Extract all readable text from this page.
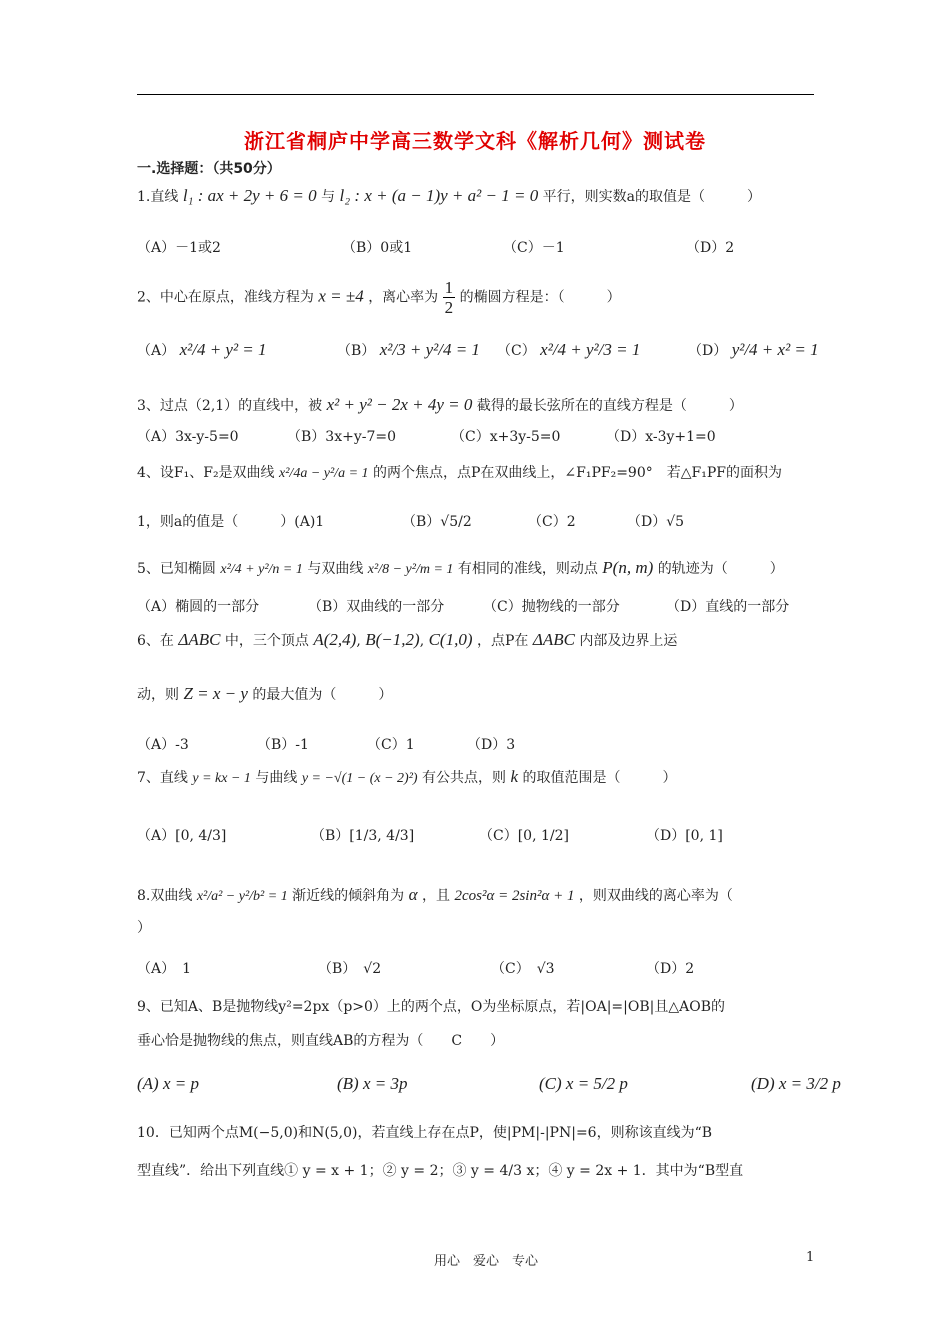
浙江省桐庐中学高三数学文科《解析几何》测试卷
一.选择题：（共50分）
1.直线 l₁ : ax + 2y + 6 = 0 与 l₂ : x + (a − 1)y + a² − 1 = 0 平行，则实数a的取值是（　　　）
（A）－1或2	（B）0或1	（C）－1	（D）2
2、中心在原点，准线方程为 x = ±4 ，离心率为 $\frac{1}{2}$ 的椭圆方程是：（　　　）
（A） x²/4 + y² = 1	（B） x²/3 + y²/4 = 1 （C） x²/4 + y²/3 = 1	（D） y²/4 + x² = 1
3、过点（2,1）的直线中，被 x² + y² − 2x + 4y = 0 截得的最长弦所在的直线方程是（　　　）
（A）3x-y-5=0	（B）3x+y-7=0	（C）x+3y-5=0	（D）x-3y+1=0
4、设F₁、F₂是双曲线 x²/4a − y²/a = 1 的两个焦点，点P在双曲线上，∠F₁PF₂=90°　若△F₁PF的面积为
1，则a的值是（　　　）(A)1	（B）√5/2	（C）2	（D）√5
5、已知椭圆 x²/4 + y²/n = 1 与双曲线 x²/8 − y²/m = 1 有相同的准线，则动点 P(n, m) 的轨迹为（　　　）
（A）椭圆的一部分	（B）双曲线的一部分	（C）抛物线的一部分	（D）直线的一部分
6、在 ΔABC 中，三个顶点 A(2,4), B(−1,2), C(1,0) ，点P在 ΔABC 内部及边界上运
动，则 Z = x − y 的最大值为（　　　）
（A）-3	（B）-1	（C）1	（D）3
7、直线 y = kx − 1 与曲线 y = −√(1 − (x − 2)²) 有公共点，则 k 的取值范围是（　　　）
（A）[0, 4/3]	（B）[1/3, 4/3]	（C）[0, 1/2]	（D）[0, 1]
8.双曲线 x²/a² − y²/b² = 1 渐近线的倾斜角为 α ，且 2cos²α = 2sin²α + 1 ，则双曲线的离心率为（
）
（A）　1	（B）　√2	（C）　√3	（D）2
9、已知A、B是抛物线y²=2px（p>0）上的两个点，O为坐标原点，若|OA|=|OB|且△AOB的
垂心恰是抛物线的焦点，则直线AB的方程为（　　C　　）
(A) x = p	(B) x = 3p	(C) x = 5/2 p	(D) x = 3/2 p
10．已知两个点M(−5,0)和N(5,0)，若直线上存在点P，使|PM|-|PN|=6，则称该直线为“B
型直线”．给出下列直线① y = x + 1；② y = 2；③ y = 4/3 x；④ y = 2x + 1．其中为“B型直
用心　爱心　专心	1
